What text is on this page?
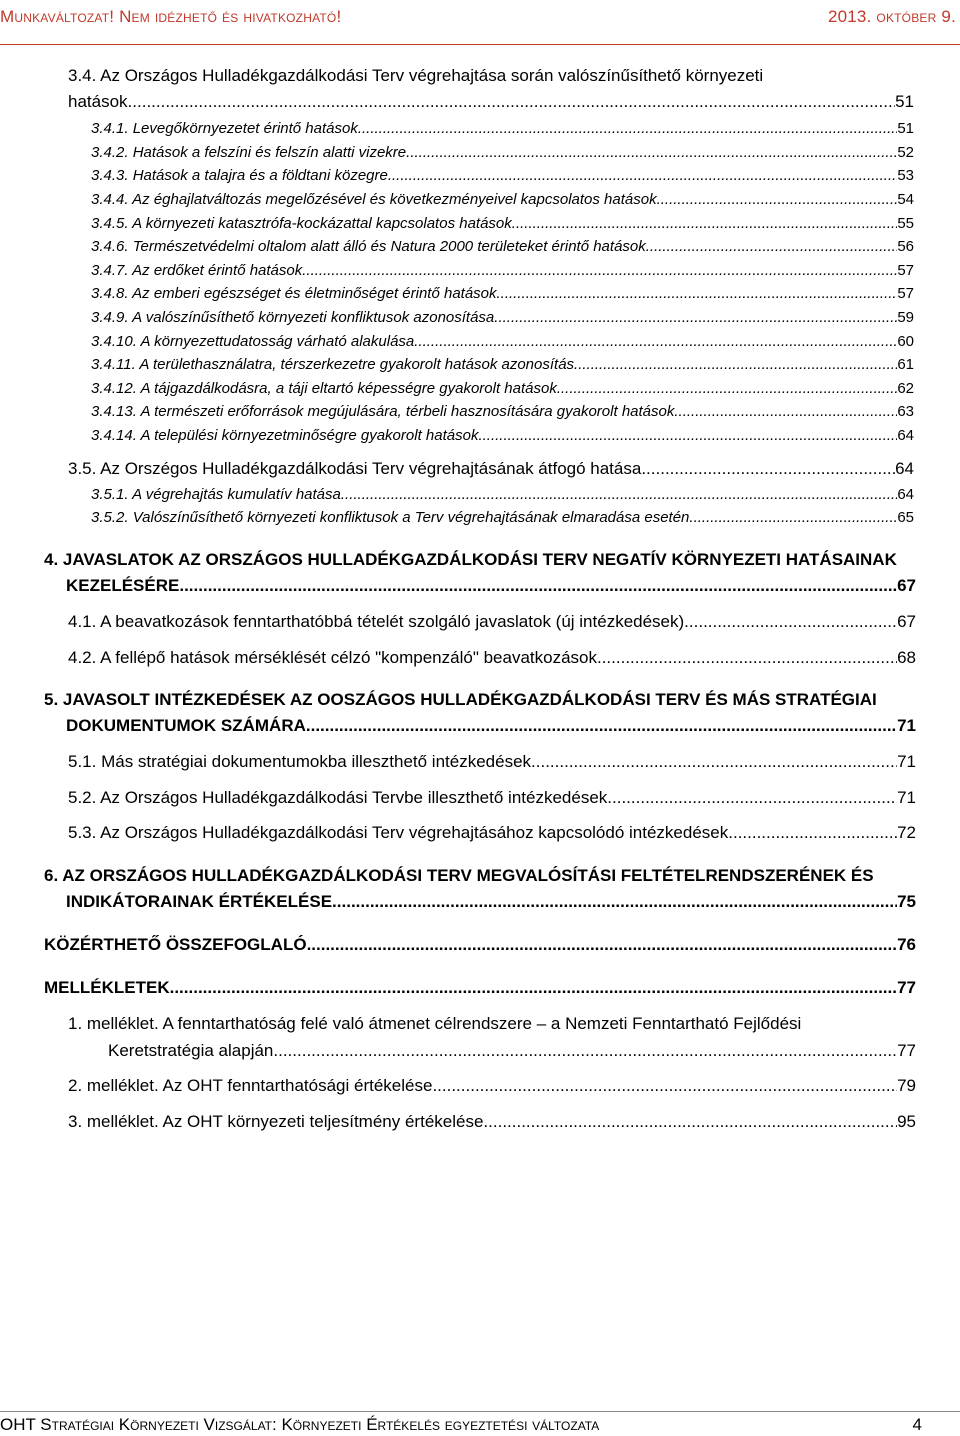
Munkaváltozat! Nem idézhető és hivatkozható!	2013. október 9.
3.4. Az Országos Hulladékgazdálkodási Terv végrehajtása során valószínűsíthető környezeti
hatások .....	51
3.4.1. Levegőkörnyezetet érintő hatások .....	51
3.4.2. Hatások a felszíni és felszín alatti vizekre .....	52
3.4.3. Hatások a talajra és a földtani közegre .....	53
3.4.4. Az éghajlatváltozás megelőzésével és következményeivel kapcsolatos hatások .....	54
3.4.5. A környezeti katasztrófa-kockázattal kapcsolatos hatások .....	55
3.4.6. Természetvédelmi oltalom alatt álló és Natura 2000 területeket érintő hatások .....	56
3.4.7. Az erdőket érintő hatások .....	57
3.4.8. Az emberi egészséget és életminőséget érintő hatások .....	57
3.4.9. A valószínűsíthető környezeti konfliktusok azonosítása .....	59
3.4.10. A környezettudatosság várható alakulása .....	60
3.4.11. A területhasználatra, térszerkezetre gyakorolt hatások azonosítás .....	61
3.4.12. A tájgazdálkodásra, a táji eltartó képességre gyakorolt hatások .....	62
3.4.13. A természeti erőforrások megújulására, térbeli hasznosítására gyakorolt hatások .....	63
3.4.14. A települési környezetminőségre gyakorolt hatások .....	64
3.5. Az Orszégos Hulladékgazdálkodási Terv végrehajtásának átfogó hatása .....	64
3.5.1. A végrehajtás kumulatív hatása .....	64
3.5.2. Valószínűsíthető környezeti konfliktusok a Terv végrehajtásának elmaradása esetén .....	65
4. JAVASLATOK AZ ORSZÁGOS HULLADÉKGAZDÁLKODÁSI TERV NEGATÍV KÖRNYEZETI HATÁSAINAK
KEZELÉSÉRE .....	67
4.1. A beavatkozások fenntarthatóbbá tételét szolgáló javaslatok (új intézkedések) .....	67
4.2. A fellépő hatások mérséklését célzó "kompenzáló" beavatkozások .....	68
5. JAVASOLT INTÉZKEDÉSEK AZ OOSZÁGOS HULLADÉKGAZDÁLKODÁSI TERV ÉS MÁS STRATÉGIAI
DOKUMENTUMOK SZÁMÁRA .....	71
5.1. Más stratégiai dokumentumokba illeszthető intézkedések .....	71
5.2. Az Országos Hulladékgazdálkodási Tervbe illeszthető intézkedések .....	71
5.3. Az Országos Hulladékgazdálkodási Terv végrehajtásához kapcsolódó intézkedések .....	72
6. AZ ORSZÁGOS HULLADÉKGAZDÁLKODÁSI TERV MEGVALÓSÍTÁSI FELTÉTELRENDSZERÉNEK ÉS
INDIKÁTORAINAK ÉRTÉKELÉSE .....	75
KÖZÉRTHETŐ ÖSSZEFOGLALÓ .....	76
MELLÉKLETEK .....	77
1. melléklet. A fenntarthatóság felé való átmenet célrendszere – a Nemzeti Fenntartható Fejlődési
Keretstratégia alapján .....	77
2. melléklet. Az OHT fenntarthatósági értékelése .....	79
3. melléklet. Az OHT környezeti teljesítmény értékelése .....	95
OHT Stratégiai Környezeti Vizsgálat: Környezeti Értékelés egyeztetési változata	4
